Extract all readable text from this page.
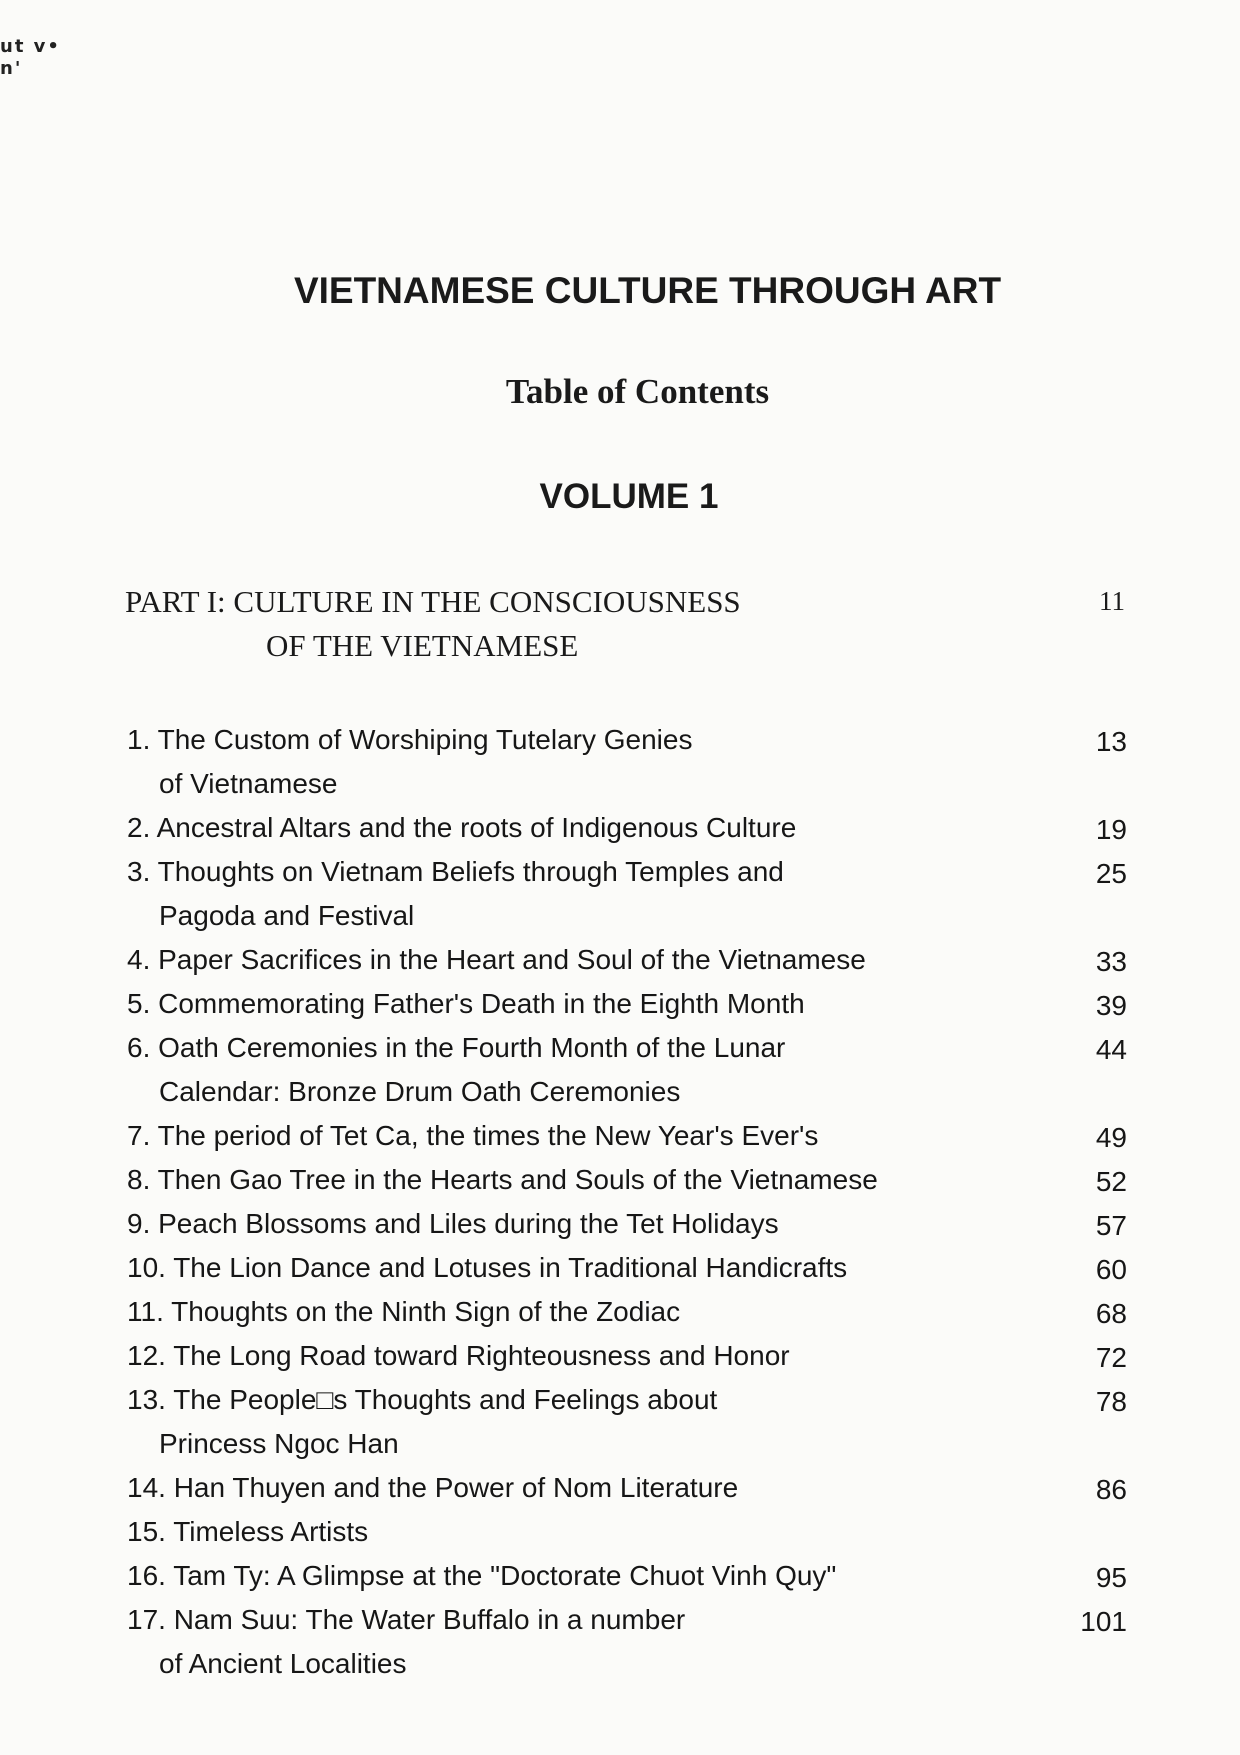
ut v•
n'
VIETNAMESE CULTURE THROUGH ART
Table of Contents
VOLUME 1
PART I: CULTURE IN THE CONSCIOUSNESS
OF THE VIETNAMESE
11
1. The Custom of Worshiping Tutelary Genies
of Vietnamese
13
2. Ancestral Altars and the roots of Indigenous Culture	19
3. Thoughts on Vietnam Beliefs through Temples and
Pagoda and Festival
25
4. Paper Sacrifices in the Heart and Soul of the Vietnamese	33
5. Commemorating Father's Death in the Eighth Month	39
6. Oath Ceremonies in the Fourth Month of the Lunar
Calendar: Bronze Drum Oath Ceremonies
44
7. The period of Tet Ca, the times the New Year's Ever's	49
8. Then Gao Tree in the Hearts and Souls of the Vietnamese	52
9. Peach Blossoms and Liles during the Tet Holidays	57
10. The Lion Dance and Lotuses in Traditional Handicrafts	60
11. Thoughts on the Ninth Sign of the Zodiac	68
12. The Long Road toward Righteousness and Honor	72
13. The People□s Thoughts and Feelings about
Princess Ngoc Han
78
14. Han Thuyen and the Power of Nom Literature	86
15. Timeless Artists
16. Tam Ty: A Glimpse at the "Doctorate Chuot Vinh Quy"	95
17. Nam Suu: The Water Buffalo in a number
of Ancient Localities
101
